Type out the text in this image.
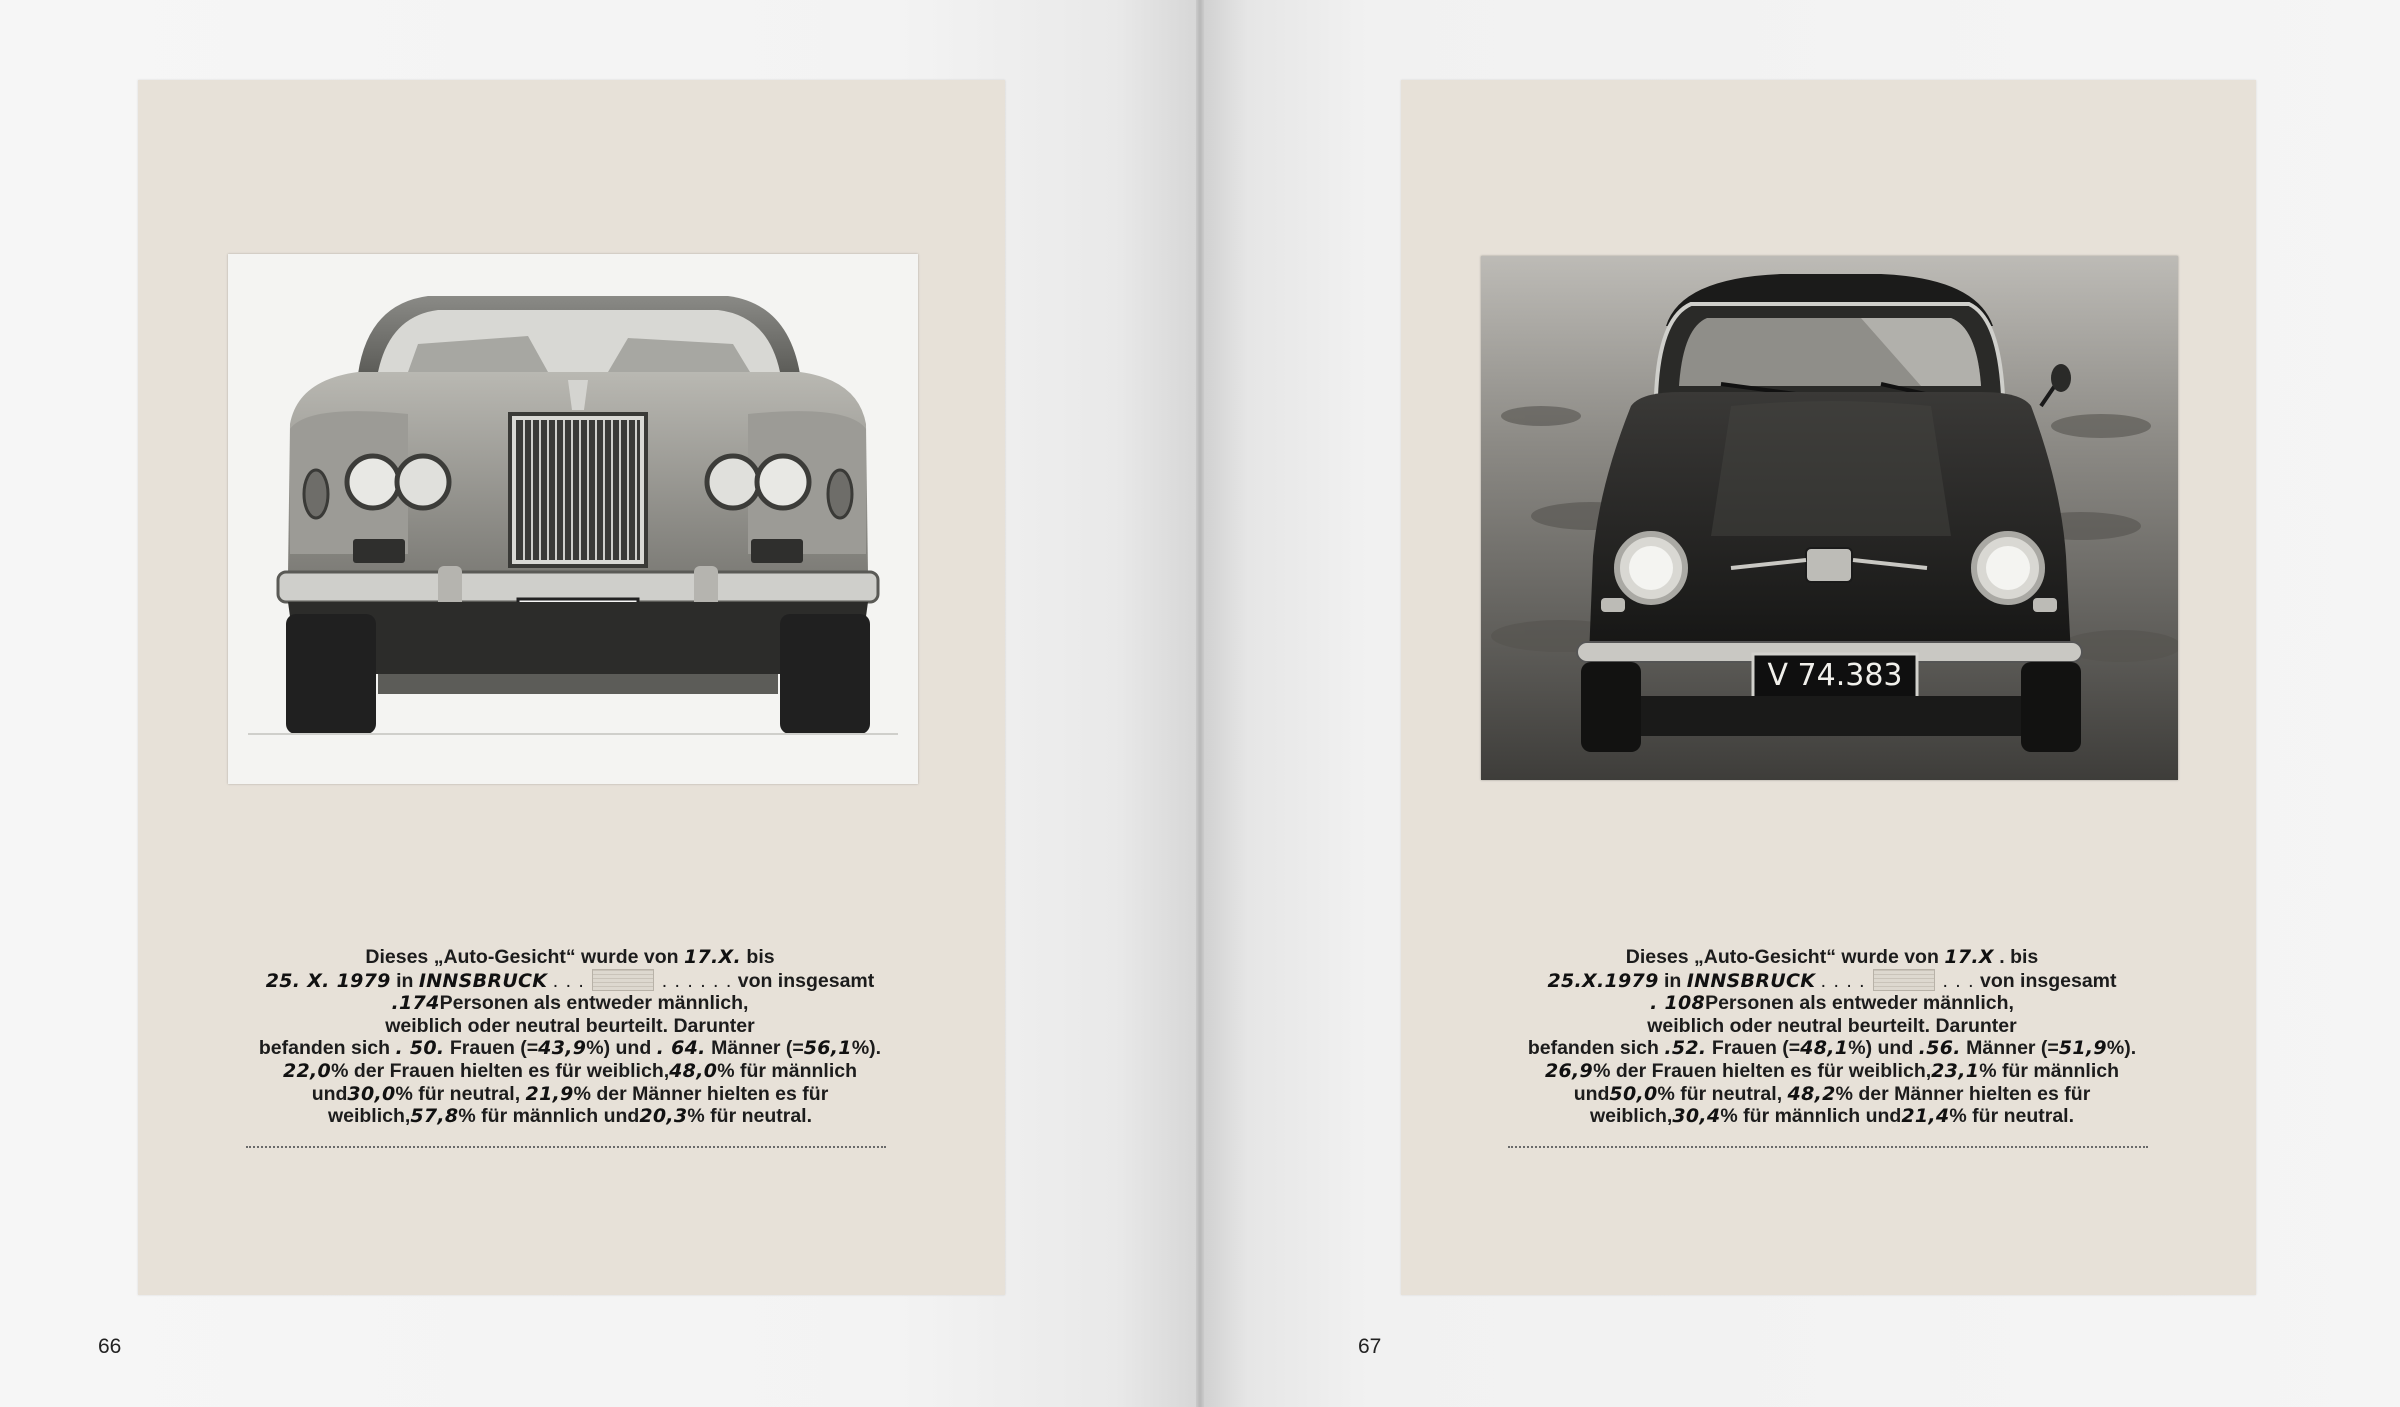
Dieses „Auto-Gesicht“ wurde von 17.X. bis
25. X. 1979 in INNSBRUCK . . .	. . . . . . von insgesamt
.174Personen als entweder männlich,
weiblich oder neutral beurteilt. Darunter
befanden sich . 50. Frauen (=43,9%) und . 64. Männer (=56,1%).
22,0% der Frauen hielten es für weiblich,48,0% für männlich
und30,0% für neutral, 21,9% der Männer hielten es für
weiblich,57,8% für männlich und20,3% für neutral.
66
V 74.383
Dieses „Auto-Gesicht“ wurde von 17.X . bis
25.X.1979 in INNSBRUCK . . . .	. . . von insgesamt
. 108Personen als entweder männlich,
weiblich oder neutral beurteilt. Darunter
befanden sich .52. Frauen (=48,1%) und .56. Männer (=51,9%).
26,9% der Frauen hielten es für weiblich,23,1% für männlich
und50,0% für neutral, 48,2% der Männer hielten es für
weiblich,30,4% für männlich und21,4% für neutral.
67
